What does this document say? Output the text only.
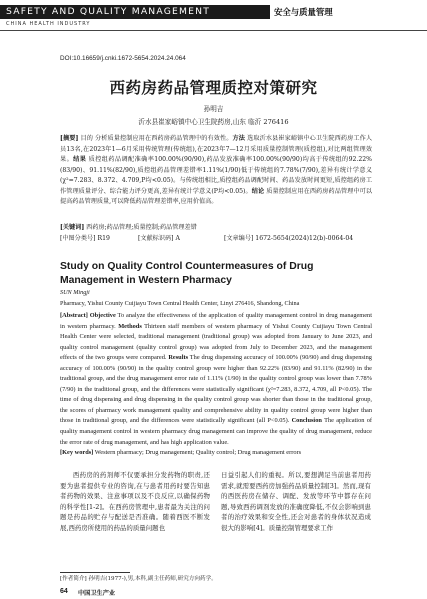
SAFETY AND QUALITY MANAGEMENT	安全与质量管理
CHINA HEALTH INDUSTRY
DOI:10.16659/j.cnki.1672-5654.2024.24.064
西药房药品管理质控对策研究
孙明吉
沂水县崔家峪镇中心卫生院药房,山东 临沂 276416
[摘要] 目的 分析质量控制应用在西药房药品管理中的有效性。方法 选取沂水县崔家峪镇中心卫生院西药房工作人员13名,在2023年1—6月采用传统管理(传统组),在2023年7—12月采用质量控制管理(质控组),对比两组管理效果。结果 质控组药品调配准确率100.00%(90/90),药品发放准确率100.00%(90/90)均高于传统组的92.22%(83/90)、91.11%(82/90),质控组药品管理差错率1.11%(1/90)低于传统组的7.78%(7/90),差异有统计学意义(χ²=7.283、8.372、4.709,P均<0.05)。与传统组相比,质控组药品调配时间、药品发放时间更短,质控组药房工作管理质量评分、综合能力评分更高,差异有统计学意义(P均<0.05)。结论 质量控制应用在西药房药品管理中可以提高药品管理质量,可以降低药品管理差错率,应用价值高。
[关键词] 西药房;药品管理;质量控制;药品管理差错
[中图分类号] R19	[文献标识码] A	[文章编号] 1672-5654(2024)12(b)-0064-04
Study on Quality Control Countermeasures of Drug Management in Western Pharmacy
SUN Mingji
Pharmacy, Yishui County Cuijiayu Town Central Health Center, Linyi 276416, Shandong, China
[Abstract] Objective To analyze the effectiveness of the application of quality management control in drug management in western pharmacy. Methods Thirteen staff members of western pharmacy of Yishui County Cuijiayu Town Central Health Center were selected, traditional management (traditional group) was adopted from January to June 2023, and quality control management (quality control group) was adopted from July to December 2023, and the management effects of the two groups were compared. Results The drug dispensing accuracy of 100.00% (90/90) and drug dispensing accuracy of 100.00% (90/90) in the quality control group were higher than 92.22% (83/90) and 91.11% (82/90) in the traditional group, and the drug management error rate of 1.11% (1/90) in the quality control group was lower than 7.78% (7/90) in the traditional group, and the differences were statistically significant (χ²=7.283, 8.372, 4.709, all P<0.05). The time of drug dispensing and drug dispensing in the quality control group was shorter than those in the traditional group, the scores of pharmacy work management quality and comprehensive ability in quality control group were higher than those in traditional group, and the differences were statistically significant (all P<0.05). Conclusion The application of quality management control in western pharmacy drug management can improve the quality of drug management, reduce the error rate of drug management, and has high application value.
[Key words] Western pharmacy; Drug management; Quality control; Drug management errors

西药房的药剂师不仅要承担分发药物的职责,还要为患者提供专业的咨询,在与患者用药时要告知患者药物的效果、注意事项以及不良反应,以确保药物的科学性[1-2]。在西药房管理中,患者最为关注的问题是药品的贮存与配送是否准确。随着西医不断发展,西药房所使用的药品的质量问题也

日益引起人们的重视。所以,要想满足当前患者用药需求,就需要西药房加强药品质量控制[3]。然而,现有的西医药房在储存、调配、发放等环节中都存在问题,导致西药调剂发放的准确度降低,不仅会影响到患者的治疗效果和安全性,还会对患者的身体状况造成很大的影响[4]。质量控制管理要求工作

[作者简介] 孙明吉(1977-),男,本科,副主任药师,研究方向药学。
64 中国卫生产业
